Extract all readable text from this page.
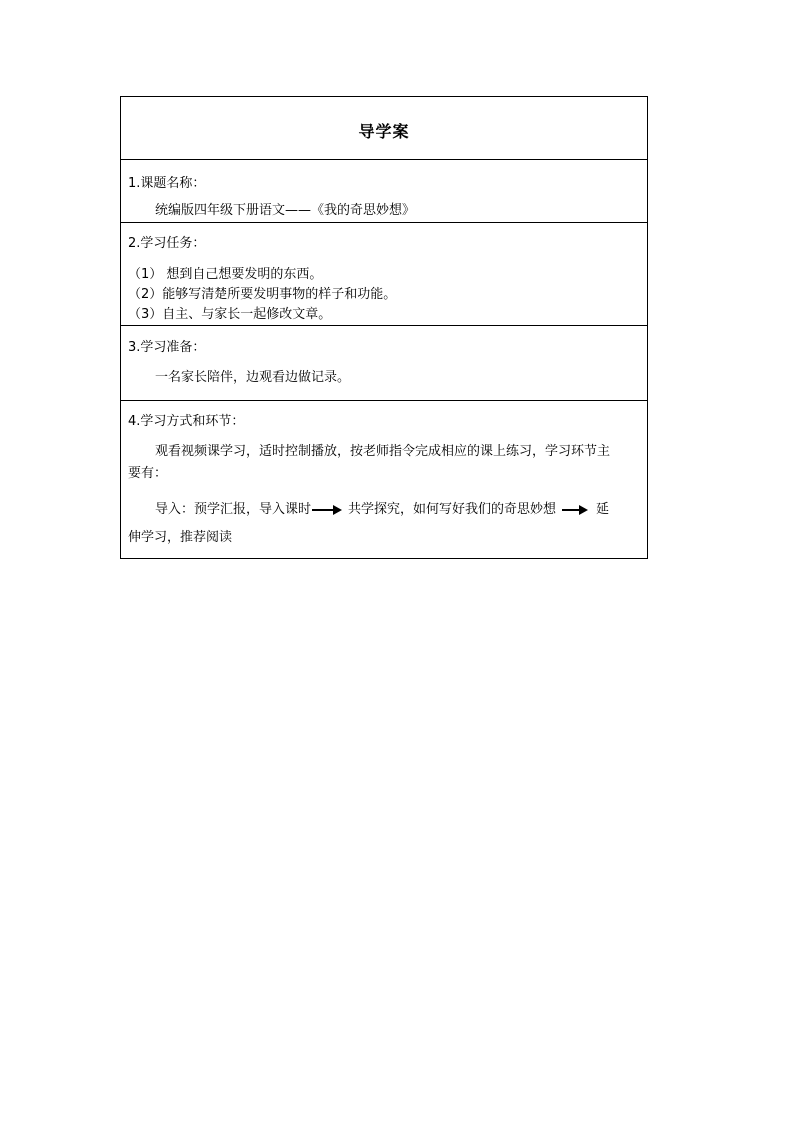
导学案
1.课题名称：
统编版四年级下册语文——《我的奇思妙想》
2.学习任务：
（1） 想到自己想要发明的东西。
（2）能够写清楚所要发明事物的样子和功能。
（3）自主、与家长一起修改文章。
3.学习准备：
一名家长陪伴，边观看边做记录。
4.学习方式和环节：
观看视频课学习，适时控制播放，按老师指令完成相应的课上练习，学习环节主
要有：
导入：预学汇报，导入课时	共学探究，如何写好我们的奇思妙想	延
伸学习，推荐阅读
